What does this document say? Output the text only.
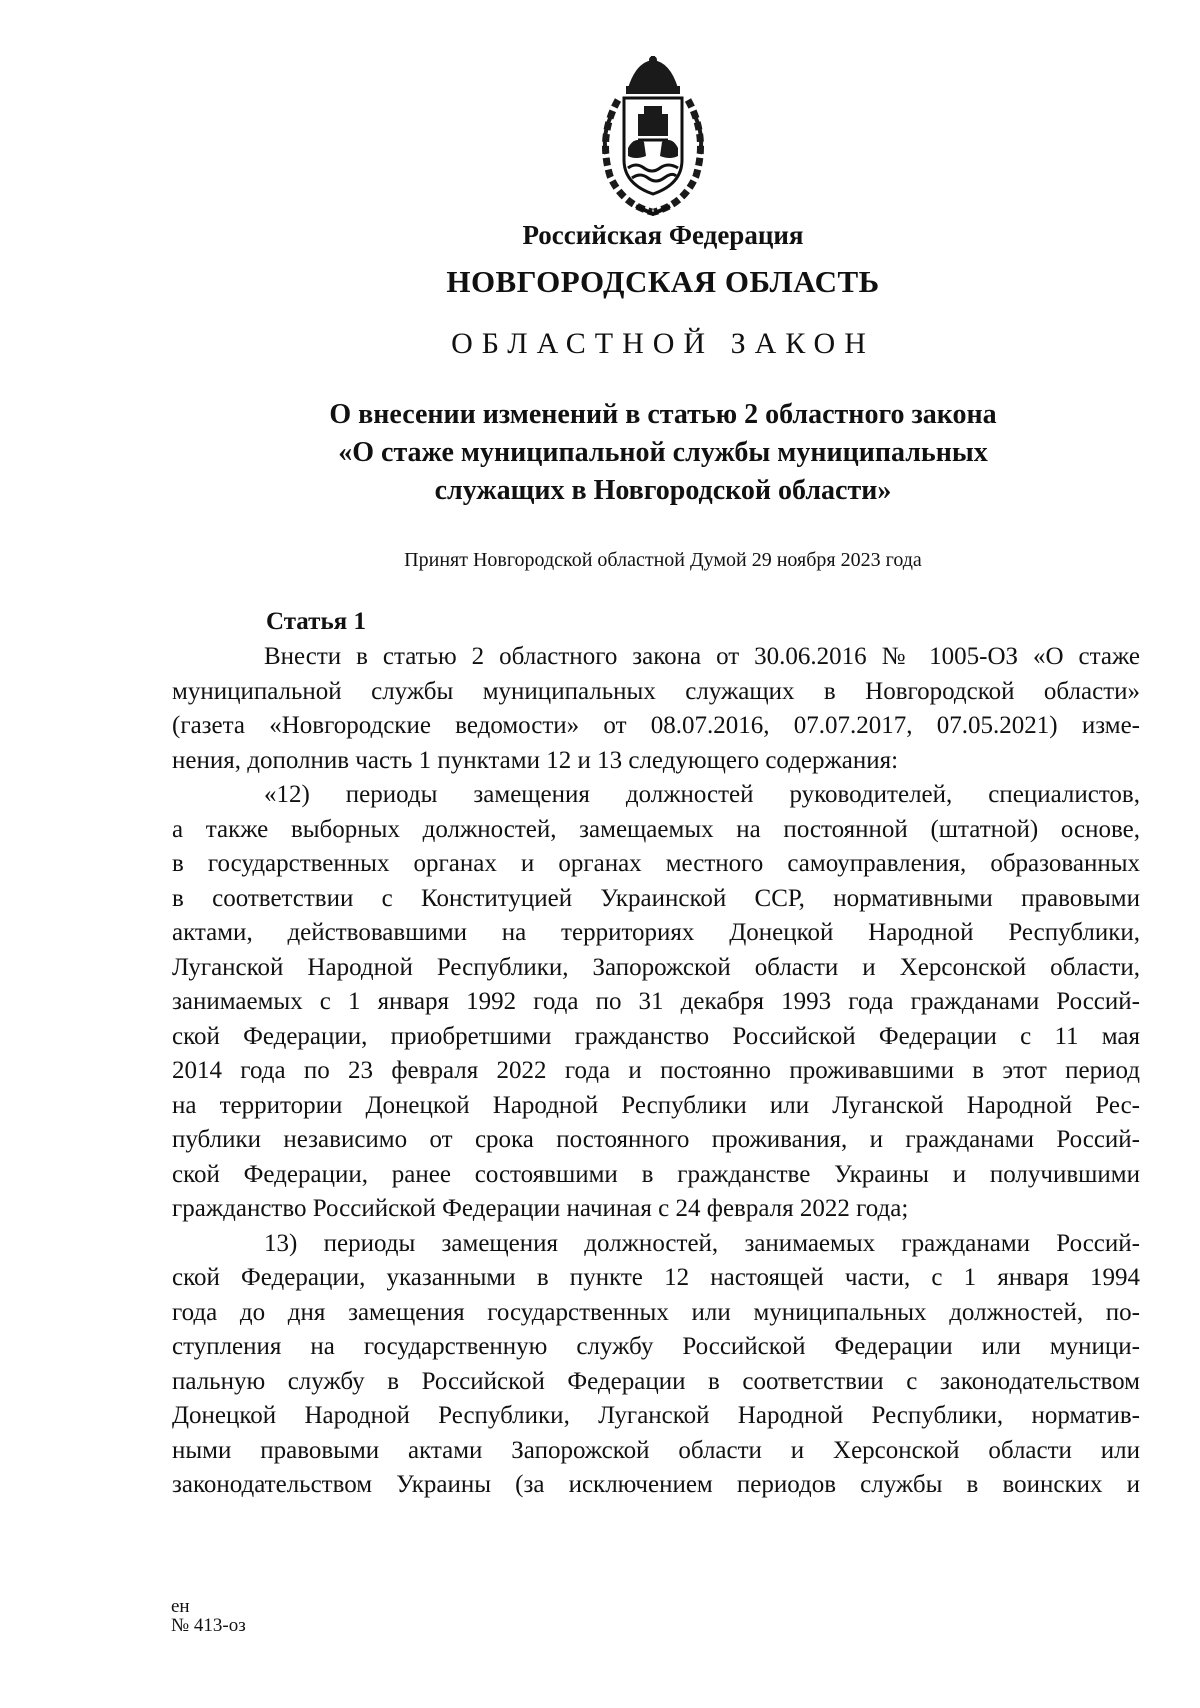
Российская Федерация
НОВГОРОДСКАЯ ОБЛАСТЬ
ОБЛАСТНОЙ ЗАКОН
О внесении изменений в статью 2 областного закона
«О стаже муниципальной службы муниципальных
служащих в Новгородской области»
Принят Новгородской областной Думой 29 ноября 2023 года
Статья 1
Внести в статью 2 областного закона от 30.06.2016 № 1005-ОЗ «О стаже
муниципальной службы муниципальных служащих в Новгородской области»
(газета «Новгородские ведомости» от 08.07.2016, 07.07.2017, 07.05.2021) изме-
нения, дополнив часть 1 пунктами 12 и 13 следующего содержания:
«12) периоды замещения должностей руководителей, специалистов,
а также выборных должностей, замещаемых на постоянной (штатной) основе,
в государственных органах и органах местного самоуправления, образованных
в соответствии с Конституцией Украинской ССР, нормативными правовыми
актами, действовавшими на территориях Донецкой Народной Республики,
Луганской Народной Республики, Запорожской области и Херсонской области,
занимаемых с 1 января 1992 года по 31 декабря 1993 года гражданами Россий-
ской Федерации, приобретшими гражданство Российской Федерации с 11 мая
2014 года по 23 февраля 2022 года и постоянно проживавшими в этот период
на территории Донецкой Народной Республики или Луганской Народной Рес-
публики независимо от срока постоянного проживания, и гражданами Россий-
ской Федерации, ранее состоявшими в гражданстве Украины и получившими
гражданство Российской Федерации начиная с 24 февраля 2022 года;
13) периоды замещения должностей, занимаемых гражданами Россий-
ской Федерации, указанными в пункте 12 настоящей части, с 1 января 1994
года до дня замещения государственных или муниципальных должностей, по-
ступления на государственную службу Российской Федерации или муници-
пальную службу в Российской Федерации в соответствии с законодательством
Донецкой Народной Республики, Луганской Народной Республики, норматив-
ными правовыми актами Запорожской области и Херсонской области или
законодательством Украины (за исключением периодов службы в воинских и
ен
№ 413-оз
